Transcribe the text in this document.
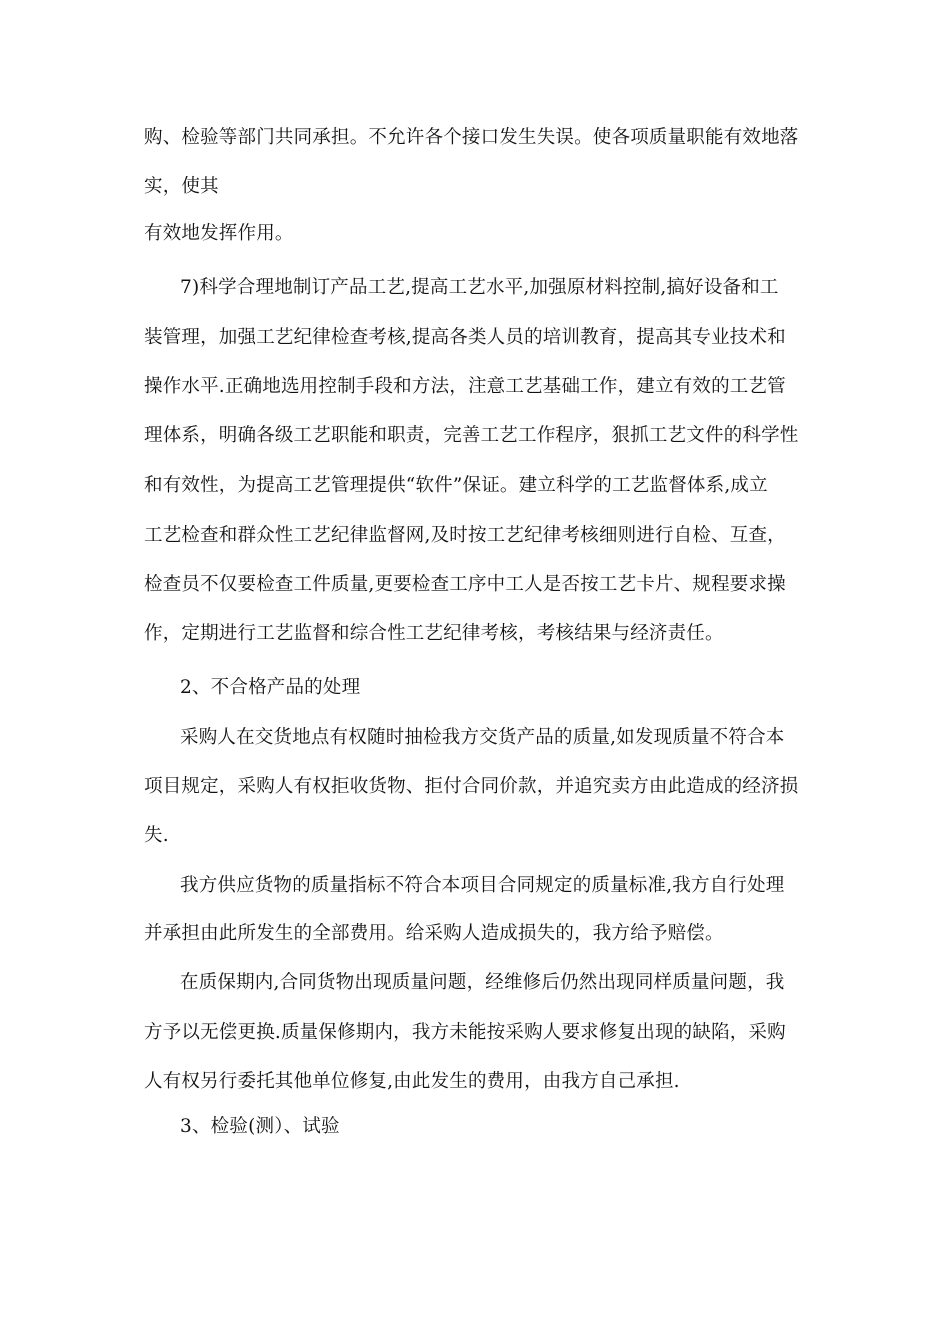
购、检验等部门共同承担。不允许各个接口发生失误。使各项质量职能有效地落
实，使其
有效地发挥作用。
7)科学合理地制订产品工艺,提高工艺水平,加强原材料控制,搞好设备和工
装管理，加强工艺纪律检查考核,提高各类人员的培训教育，提高其专业技术和
操作水平.正确地选用控制手段和方法，注意工艺基础工作，建立有效的工艺管
理体系，明确各级工艺职能和职责，完善工艺工作程序，狠抓工艺文件的科学性
和有效性，为提高工艺管理提供“软件”保证。建立科学的工艺监督体系,成立
工艺检查和群众性工艺纪律监督网,及时按工艺纪律考核细则进行自检、互查，
检查员不仅要检查工件质量,更要检查工序中工人是否按工艺卡片、规程要求操
作，定期进行工艺监督和综合性工艺纪律考核，考核结果与经济责任。
2、不合格产品的处理
采购人在交货地点有权随时抽检我方交货产品的质量,如发现质量不符合本
项目规定，采购人有权拒收货物、拒付合同价款，并追究卖方由此造成的经济损
失.
我方供应货物的质量指标不符合本项目合同规定的质量标准,我方自行处理
并承担由此所发生的全部费用。给采购人造成损失的，我方给予赔偿。
在质保期内,合同货物出现质量问题，经维修后仍然出现同样质量问题，我
方予以无偿更换.质量保修期内，我方未能按采购人要求修复出现的缺陷，采购
人有权另行委托其他单位修复,由此发生的费用，由我方自己承担.
3、检验(测）、试验
